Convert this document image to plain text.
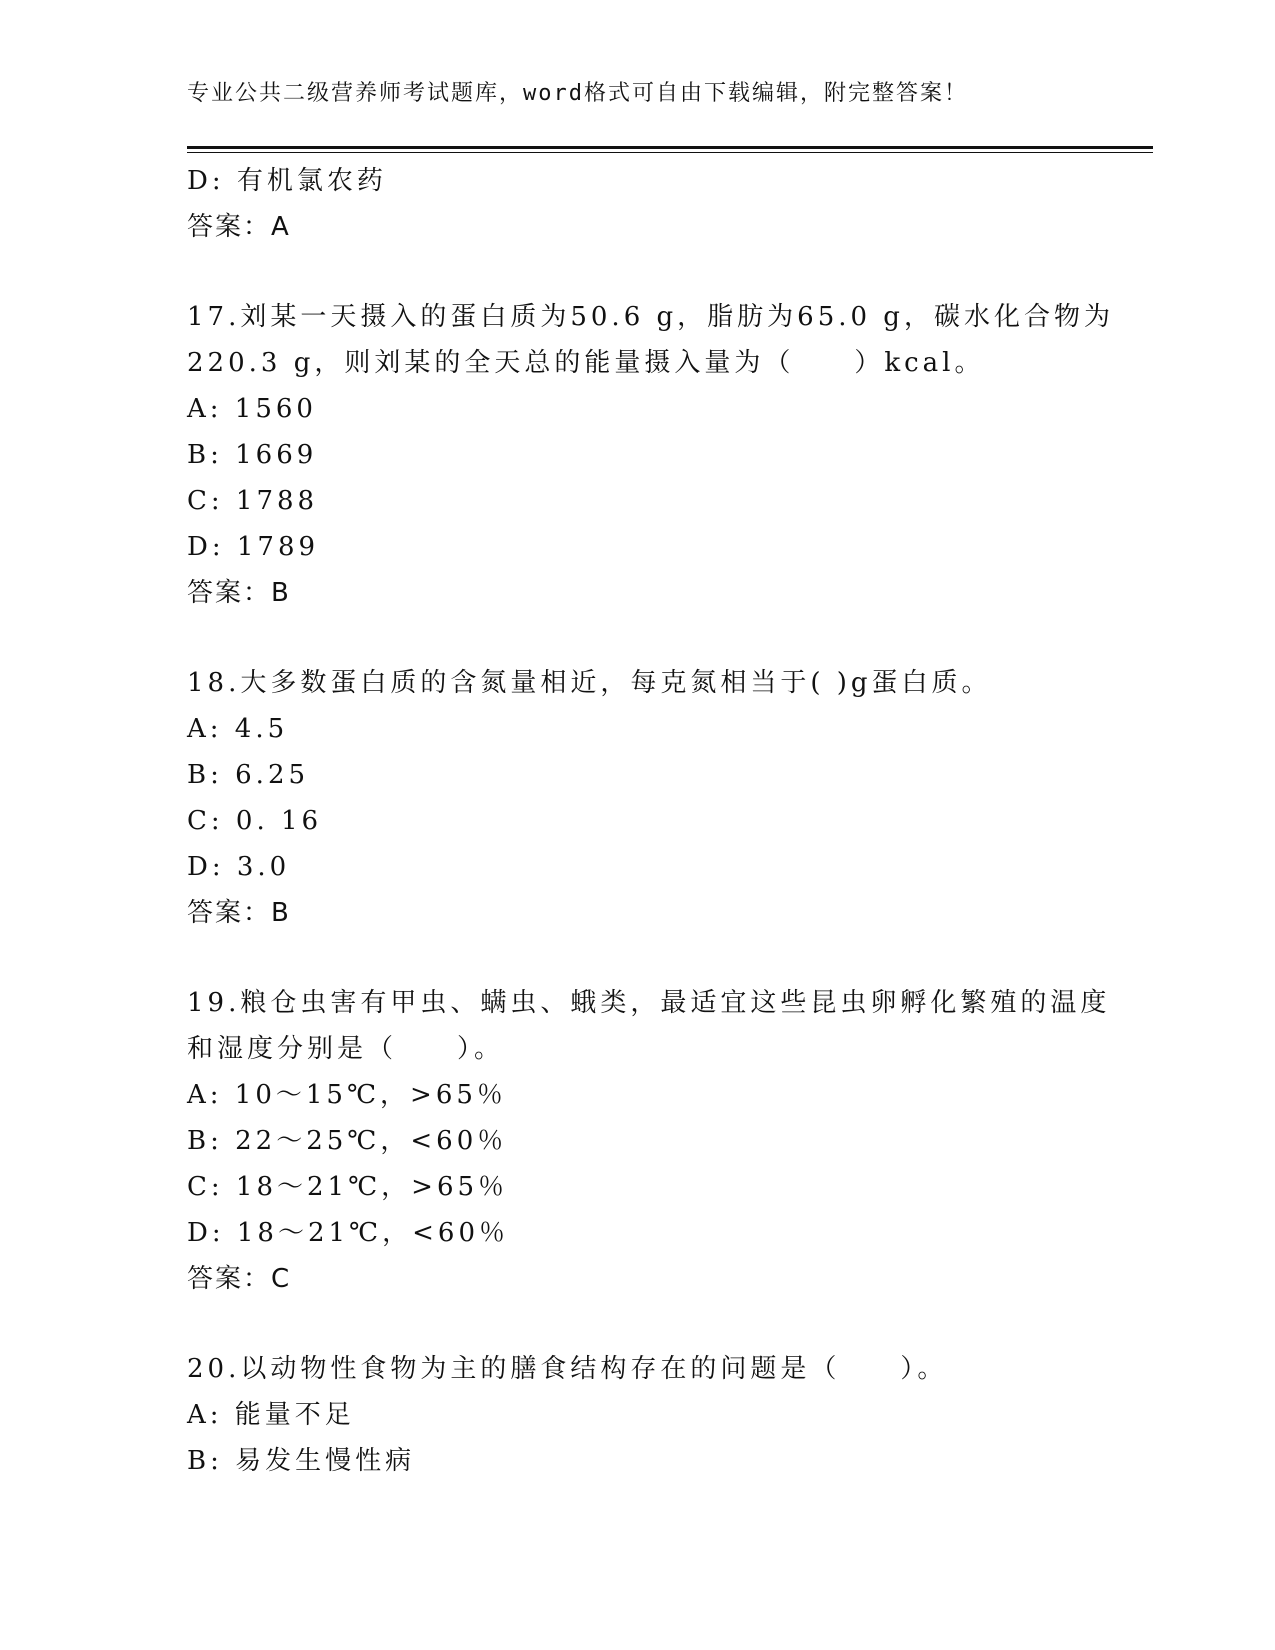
专业公共二级营养师考试题库，word格式可自由下载编辑，附完整答案！
D: 有机氯农药
答案：A
17.刘某一天摄入的蛋白质为50.6 g，脂肪为65.0 g，碳水化合物为
220.3 g，则刘某的全天总的能量摄入量为（　　）kcal。
A: 1560
B: 1669
C: 1788
D: 1789
答案：B
18.大多数蛋白质的含氮量相近，每克氮相当于( )g蛋白质。
A: 4.5
B: 6.25
C: 0. 16
D: 3.0
答案：B
19.粮仓虫害有甲虫、螨虫、蛾类，最适宜这些昆虫卵孵化繁殖的温度
和湿度分别是（　　）。
A: 10～15℃，>65％
B: 22～25℃，<60％
C: 18～21℃，>65％
D: 18～21℃，<60％
答案：C
20.以动物性食物为主的膳食结构存在的问题是（　　）。
A: 能量不足
B: 易发生慢性病
